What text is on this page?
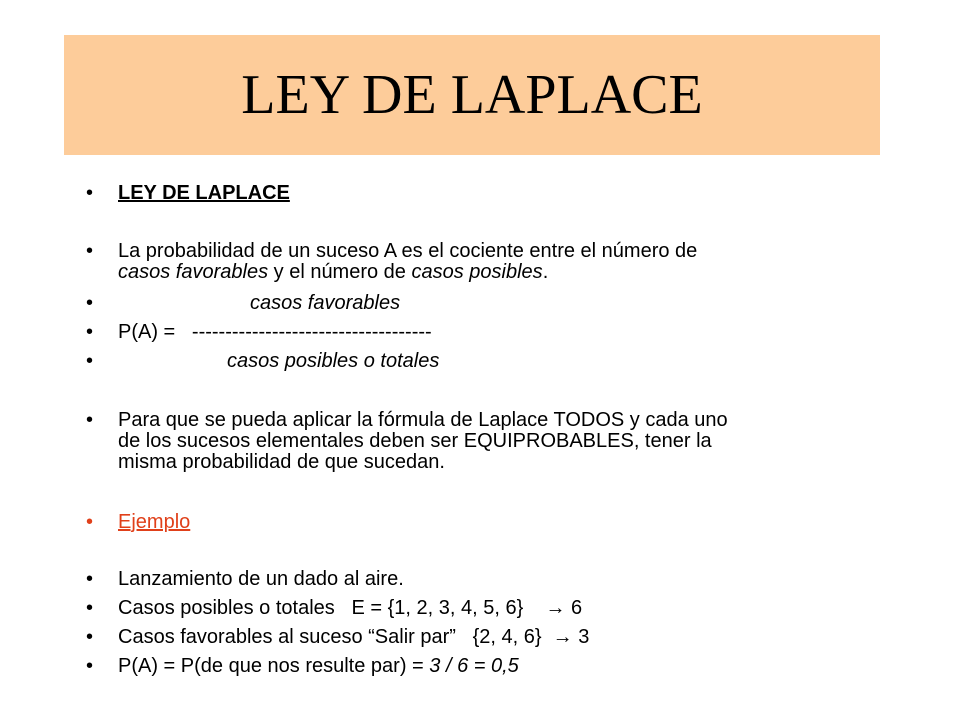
LEY DE LAPLACE
• LEY DE LAPLACE
• La probabilidad de un suceso A es el cociente entre el número de
casos favorables y el número de casos posibles.
•	casos favorables
• P(A) =   ------------------------------------
•	casos posibles o totales
• Para que se pueda aplicar la fórmula de Laplace TODOS y cada uno
de los sucesos elementales deben ser EQUIPROBABLES, tener la
misma probabilidad de que sucedan.
• Ejemplo
• Lanzamiento de un dado al aire.
• Casos posibles o totales   E = {1, 2, 3, 4, 5, 6}    → 6
• Casos favorables al suceso “Salir par”   {2, 4, 6}  → 3
• P(A) = P(de que nos resulte par) = 3 / 6 = 0,5
